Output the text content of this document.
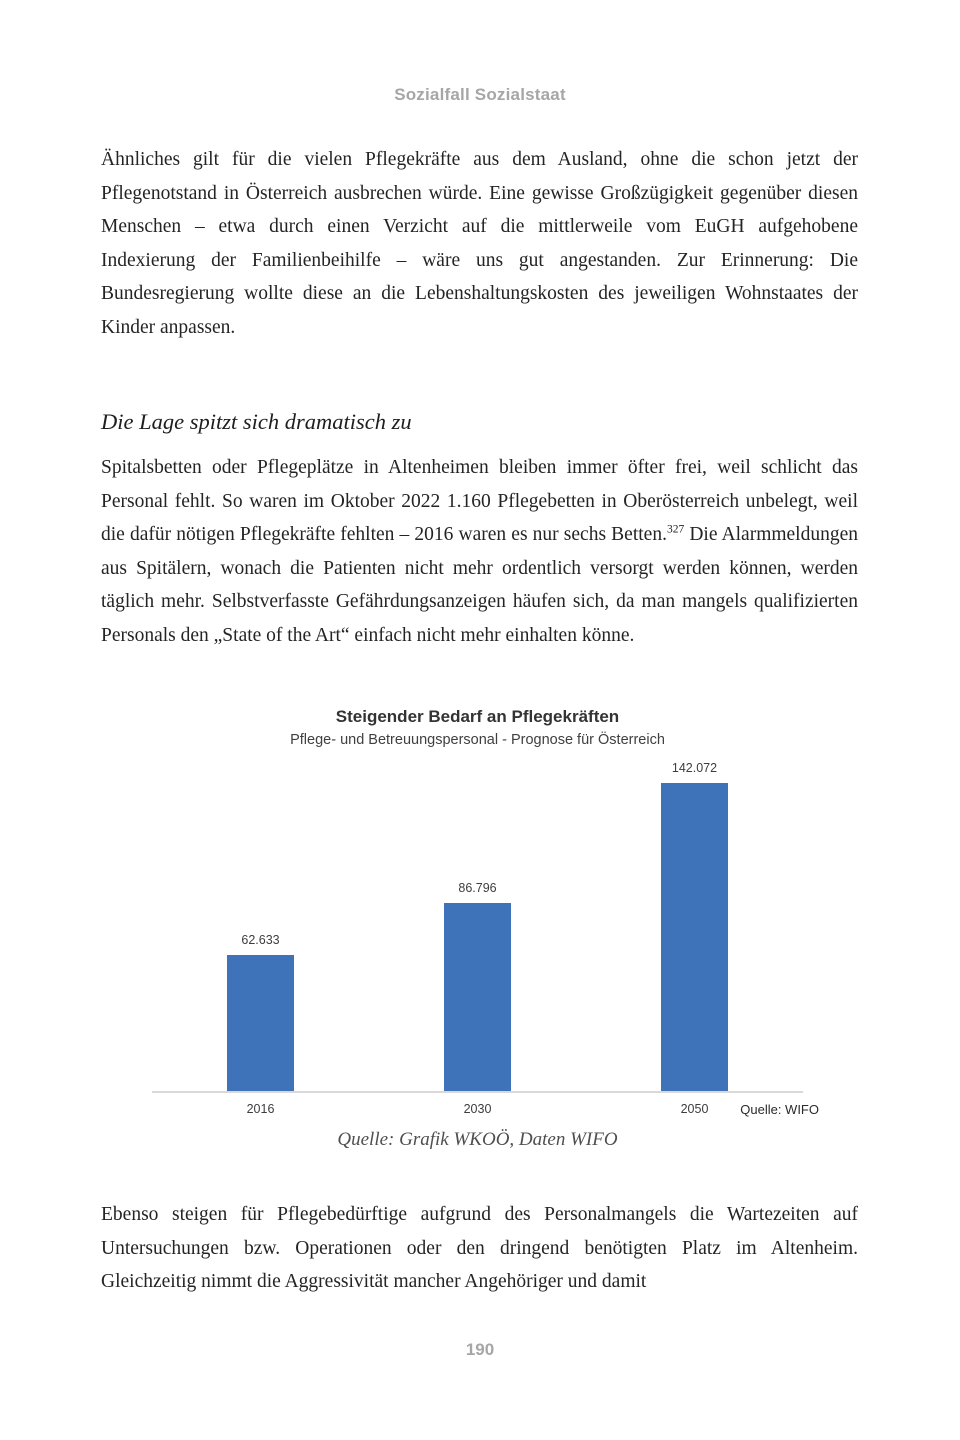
Sozialfall Sozialstaat

Ähnliches gilt für die vielen Pflegekräfte aus dem Ausland, ohne die schon jetzt der Pflegenotstand in Österreich ausbrechen würde. Eine gewisse Großzügigkeit gegenüber diesen Menschen – etwa durch einen Verzicht auf die mittlerweile vom EuGH aufgehobene Indexierung der Familienbeihilfe – wäre uns gut angestanden. Zur Erinnerung: Die Bundesregierung wollte diese an die Lebenshaltungskosten des jeweiligen Wohnstaates der Kinder anpassen.

Die Lage spitzt sich dramatisch zu

Spitalsbetten oder Pflegeplätze in Altenheimen bleiben immer öfter frei, weil schlicht das Personal fehlt. So waren im Oktober 2022 1.160 Pflegebetten in Oberösterreich unbelegt, weil die dafür nötigen Pflegekräfte fehlten – 2016 waren es nur sechs Betten.$^{327}$ Die Alarmmeldungen aus Spitälern, wonach die Patienten nicht mehr ordentlich versorgt werden können, werden täglich mehr. Selbstverfasste Gefährdungsanzeigen häufen sich, da man mangels qualifizierten Personals den „State of the Art“ einfach nicht mehr einhalten könne.

Steigender Bedarf an Pflegekräften
Pflege- und Betreuungspersonal - Prognose für Österreich
62.633
86.796
142.072
Quelle: WIFO
2016	2030	2050
Quelle: Grafik WKOÖ, Daten WIFO

Ebenso steigen für Pflegebedürftige aufgrund des Personalmangels die Wartezeiten auf Untersuchungen bzw. Operationen oder den dringend benötigten Platz im Altenheim. Gleichzeitig nimmt die Aggressivität mancher Angehöriger und damit

190
